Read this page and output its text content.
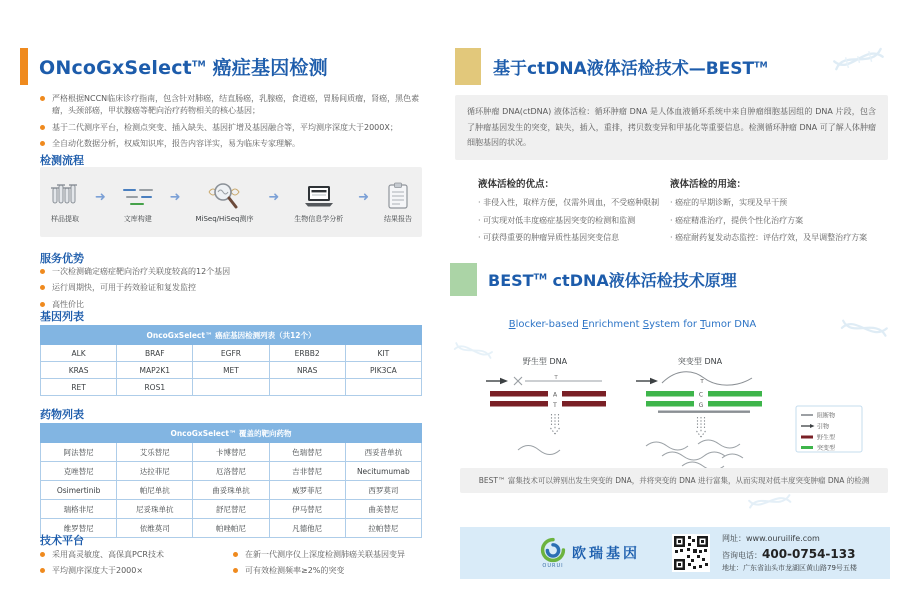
ONcoGxSelect™ 癌症基因检测
严格根据NCCN临床诊疗指南，包含针对肺癌，结直肠癌，乳腺癌，食道癌，胃肠间质瘤，肾癌，黑色素瘤，头颈部癌，甲状腺癌等靶向治疗药物相关的核心基因；
基于二代测序平台，检测点突变、插入缺失、基因扩增及基因融合等，平均测序深度大于2000X；
全自动化数据分析，权威知识库，报告内容详实，易为临床专家理解。
检测流程
样品提取
➜
文库构建
➜
MiSeq/HiSeq测序
➜
生物信息学分析
➜
结果报告
服务优势
一次检测确定癌症靶向治疗关联度较高的12个基因
运行周期快，可用于药效验证和复发监控
高性价比
基因列表
OncoGxSelect™ 癌症基因检测列表（共12个）				
ALK	BRAF	EGFR	ERBB2	KIT
KRAS	MAP2K1	MET	NRAS	PIK3CA
RET	ROS1			
药物列表
OncoGxSelect™ 覆盖的靶向药物				
阿法替尼	艾乐替尼	卡博替尼	色瑞替尼	西妥昔单抗
克唑替尼	达拉菲尼	厄洛替尼	吉非替尼	Necitumumab
Osimertinib	帕尼单抗	曲妥珠单抗	威罗菲尼	西罗莫司
瑞格非尼	尼妥珠单抗	舒尼替尼	伊马替尼	曲美替尼
维罗替尼	依维莫司	帕唑帕尼	凡德他尼	拉帕替尼
技术平台
采用高灵敏度、高保真PCR技术
平均测序深度大于2000×
在新一代测序仪上深度检测肺癌关联基因变异
可有效检测频率≥2%的突变
基于ctDNA液体活检技术—BEST™
循环肿瘤 DNA(ctDNA) 液体活检：循环肿瘤 DNA 是人体血液循环系统中来自肿瘤细胞基因组的 DNA 片段，包含了肿瘤基因发生的突变，缺失，插入，重排，拷贝数变异和甲基化等重要信息。检测循环肿瘤 DNA 可了解人体肿瘤细胞基因的状况。
液体活检的优点：
· 非侵入性，取样方便，仅需外周血，不受癌种限制
· 可实现对低丰度癌症基因突变的检测和监测
· 可获得重要的肿瘤异质性基因突变信息
液体活检的用途：
· 癌症的早期诊断，实现及早干预
· 癌症精准治疗，提供个性化治疗方案
· 癌症耐药复发动态监控：评估疗效，及早调整治疗方案
BEST™ ctDNA液体活检技术原理
Blocker-based Enrichment System for Tumor DNA
野生型 DNA
T
A
T
突变型 DNA
T
C
G
阻断物
引物
野生型
突变型
BEST™ 富集技术可以辨别出发生突变的 DNA，并将突变的 DNA 进行富集，从而实现对低丰度突变肿瘤 DNA 的检测
OURUI
欧瑞基因
网址：www.ouruilife.com
咨询电话：400-0754-133
地址：广东省汕头市龙湖区黄山路79号五楼
